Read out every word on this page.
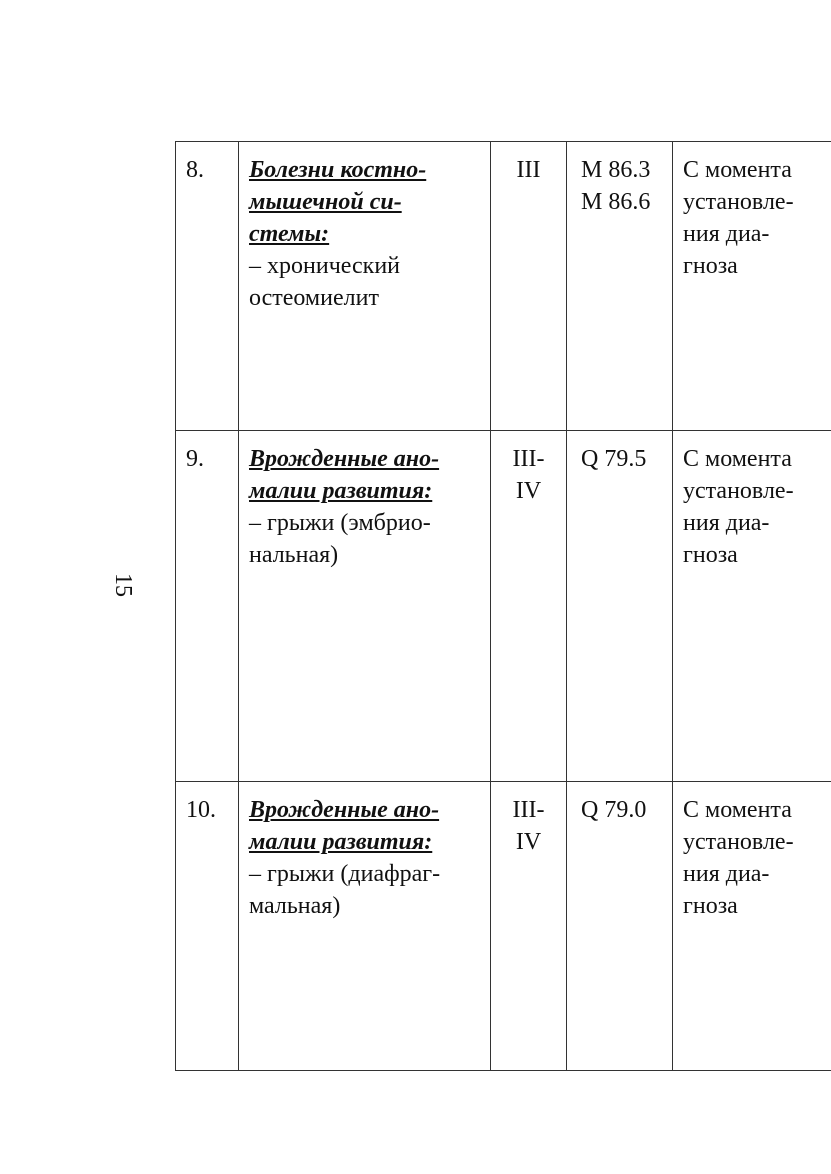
15
8.	Болезни костно-
мышечной си-
стемы:
– хронический
остеомиелит	III	M 86.3
M 86.6	С момента
установле-
ния диа-
гноза

9.	Врожденные ано-
малии развития:
– грыжи (эмбрио-
нальная)	III-
IV	Q 79.5	С момента
установле-
ния диа-
гноза

10.	Врожденные ано-
малии развития:
– грыжи (диафраг-
мальная)	III-
IV	Q 79.0	С момента
установле-
ния диа-
гноза
